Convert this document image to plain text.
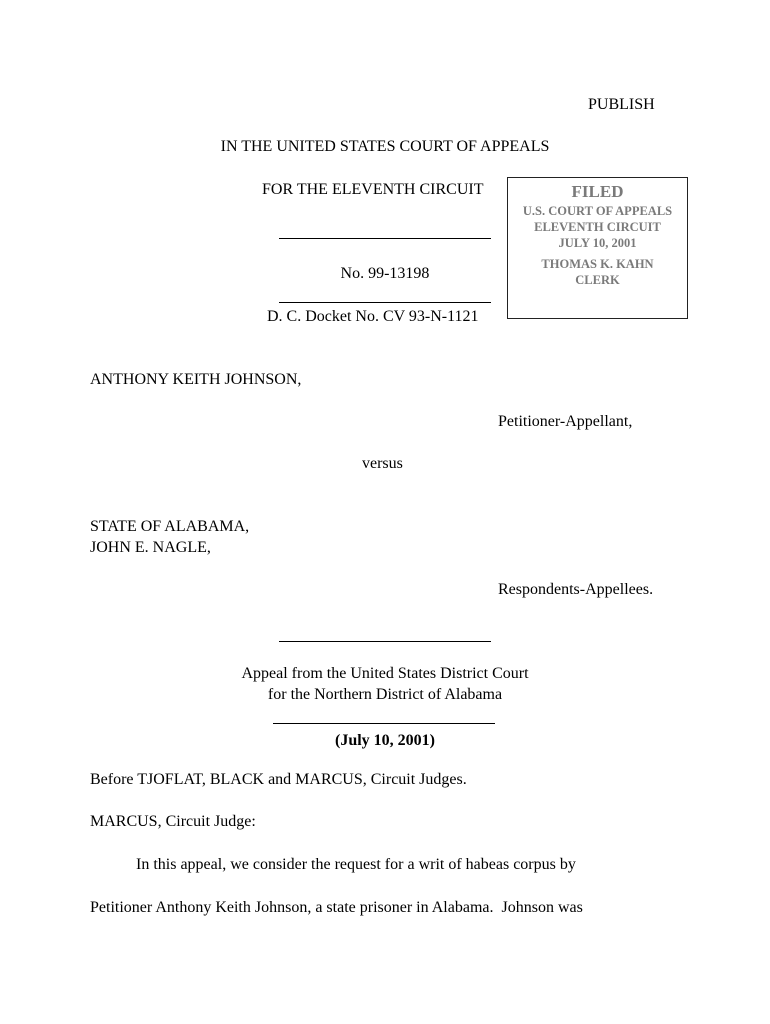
PUBLISH
IN THE UNITED STATES COURT OF APPEALS
FOR THE ELEVENTH CIRCUIT
No. 99-13198
D. C. Docket No. CV 93-N-1121
FILED
U.S. COURT OF APPEALS
ELEVENTH CIRCUIT
JULY 10, 2001
THOMAS K. KAHN
CLERK
ANTHONY KEITH JOHNSON,
Petitioner-Appellant,
versus
STATE OF ALABAMA,
JOHN E. NAGLE,
Respondents-Appellees.
Appeal from the United States District Court
for the Northern District of Alabama
(July 10, 2001)
Before TJOFLAT, BLACK and MARCUS, Circuit Judges.
MARCUS, Circuit Judge:
In this appeal, we consider the request for a writ of habeas corpus by
Petitioner Anthony Keith Johnson, a state prisoner in Alabama.  Johnson was
